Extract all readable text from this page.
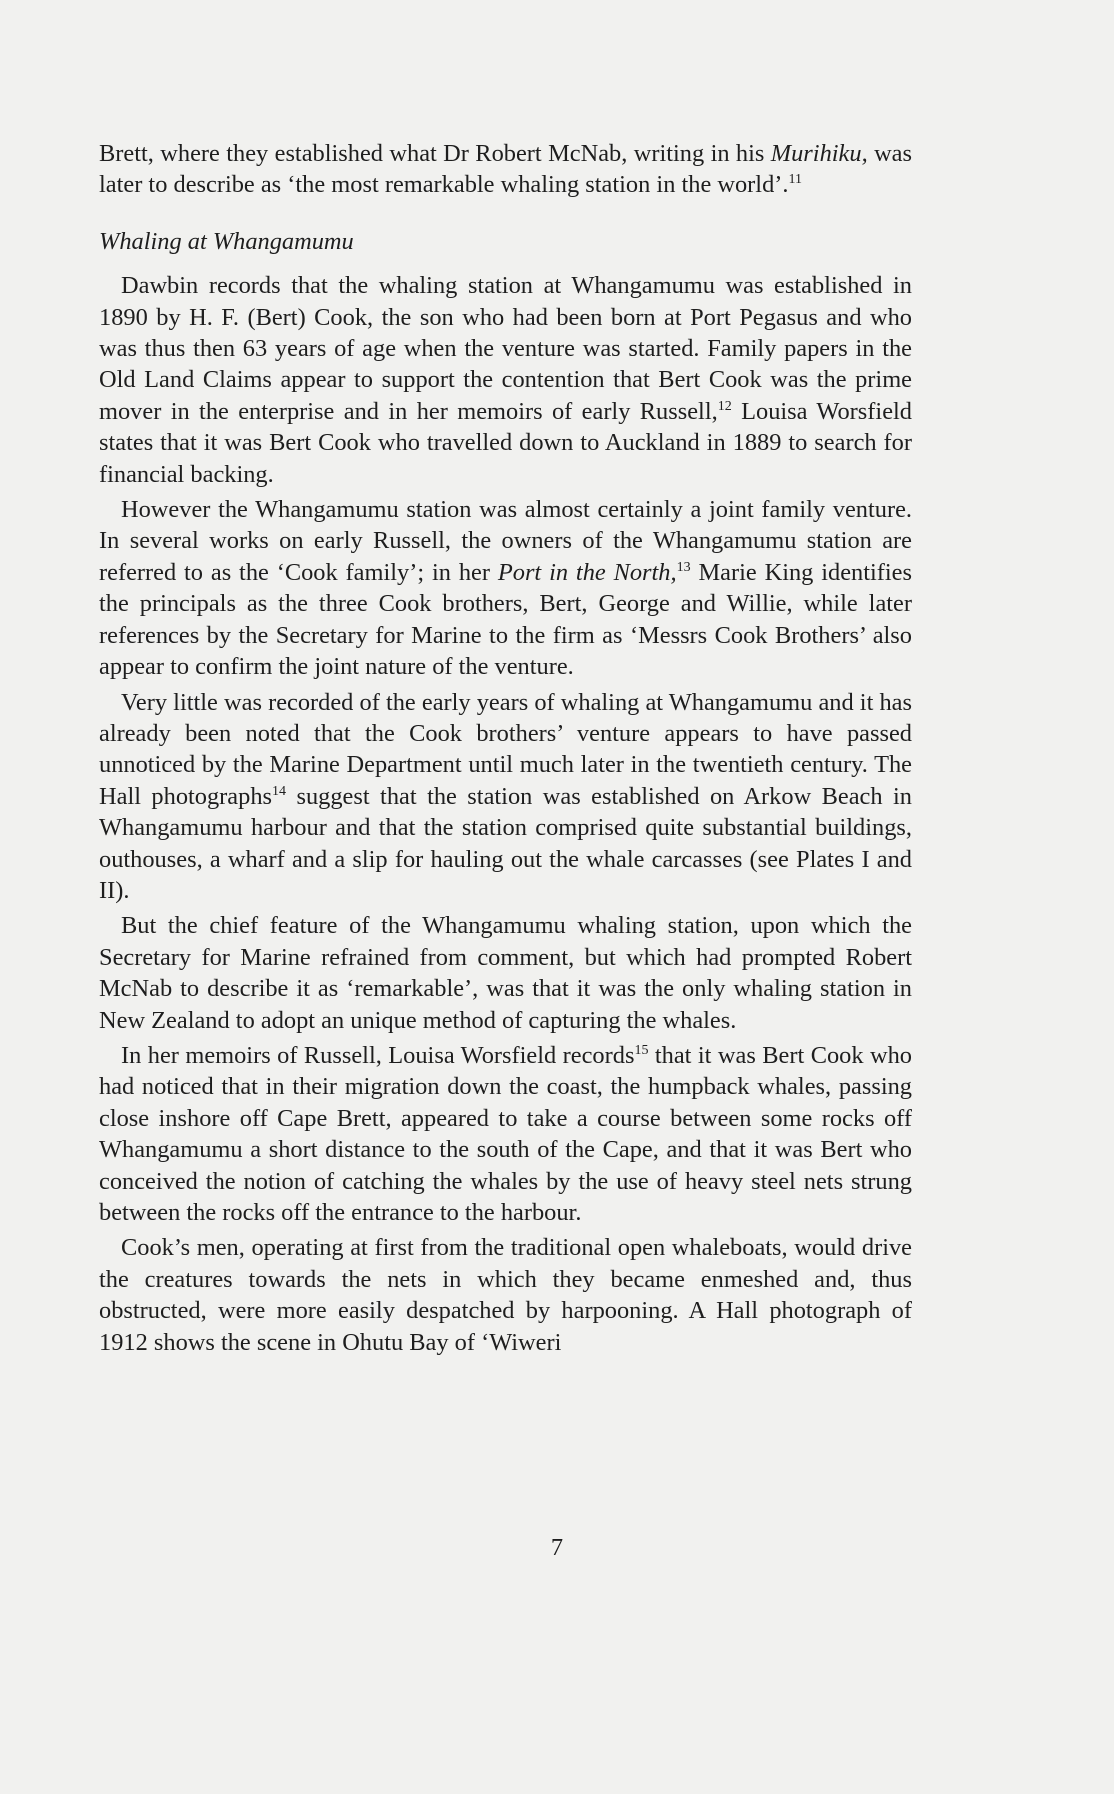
Brett, where they established what Dr Robert McNab, writing in his Murihiku, was later to describe as ‘the most remarkable whaling station in the world’.$^{11}$

Whaling at Whangamumu

Dawbin records that the whaling station at Whangamumu was established in 1890 by H. F. (Bert) Cook, the son who had been born at Port Pegasus and who was thus then 63 years of age when the venture was started. Family papers in the Old Land Claims appear to support the contention that Bert Cook was the prime mover in the enterprise and in her memoirs of early Russell,$^{12}$ Louisa Worsfield states that it was Bert Cook who travelled down to Auckland in 1889 to search for financial backing.

However the Whangamumu station was almost certainly a joint family venture. In several works on early Russell, the owners of the Whangamumu station are referred to as the ‘Cook family’; in her Port in the North,$^{13}$ Marie King identifies the principals as the three Cook brothers, Bert, George and Willie, while later references by the Secretary for Marine to the firm as ‘Messrs Cook Brothers’ also appear to confirm the joint nature of the venture.

Very little was recorded of the early years of whaling at Whangamumu and it has already been noted that the Cook brothers’ venture appears to have passed unnoticed by the Marine Department until much later in the twentieth century. The Hall photographs$^{14}$ suggest that the station was established on Arkow Beach in Whangamumu harbour and that the station comprised quite substantial buildings, outhouses, a wharf and a slip for hauling out the whale carcasses (see Plates I and II).

But the chief feature of the Whangamumu whaling station, upon which the Secretary for Marine refrained from comment, but which had prompted Robert McNab to describe it as ‘remarkable’, was that it was the only whaling station in New Zealand to adopt an unique method of capturing the whales.

In her memoirs of Russell, Louisa Worsfield records$^{15}$ that it was Bert Cook who had noticed that in their migration down the coast, the humpback whales, passing close inshore off Cape Brett, appeared to take a course between some rocks off Whangamumu a short distance to the south of the Cape, and that it was Bert who conceived the notion of catching the whales by the use of heavy steel nets strung between the rocks off the entrance to the harbour.

Cook’s men, operating at first from the traditional open whaleboats, would drive the creatures towards the nets in which they became enmeshed and, thus obstructed, were more easily despatched by harpooning. A Hall photograph of 1912 shows the scene in Ohutu Bay of ‘Wiweri

7
